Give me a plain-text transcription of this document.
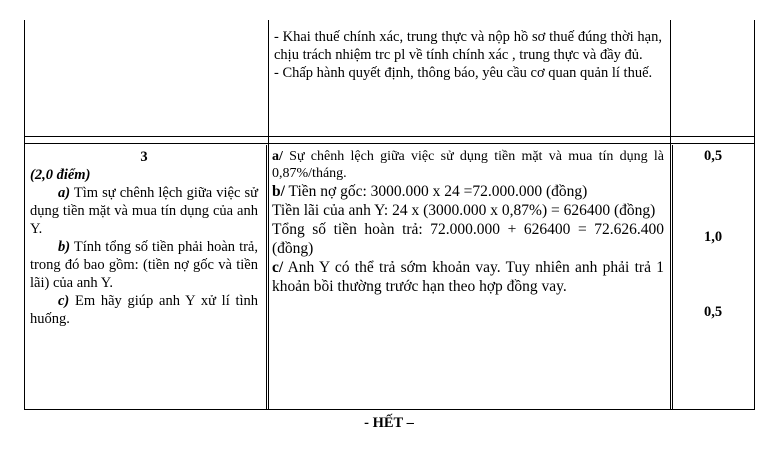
- Khai thuế chính xác, trung thực và nộp hồ sơ thuế đúng thời hạn, chịu trách nhiệm trc pl về tính chính xác , trung thực và đầy đủ.

- Chấp hành quyết định, thông báo, yêu cầu cơ quan quản lí thuế.

3

(2,0 điểm)

a) Tìm sự chênh lệch giữa việc sử dụng tiền mặt và mua tín dụng của anh Y.

b) Tính tổng số tiền phải hoàn trả, trong đó bao gồm: (tiền nợ gốc và tiền lãi) của anh Y.

c) Em hãy giúp anh Y xử lí tình huống.

a/ Sự chênh lệch giữa việc sử dụng tiền mặt và mua tín dụng là 0,87%/tháng.

b/ Tiền nợ gốc: 3000.000 x 24 =72.000.000 (đồng)

Tiền lãi của anh Y: 24 x (3000.000 x 0,87%) = 626400 (đồng)

Tổng số tiền hoàn trả: 72.000.000 + 626400 = 72.626.400 (đồng)

c/ Anh Y có thể trả sớm khoản vay. Tuy nhiên anh phải trả 1 khoản bồi thường trước hạn theo hợp đồng vay.

0,5
1,0
0,5
- HẾT –
